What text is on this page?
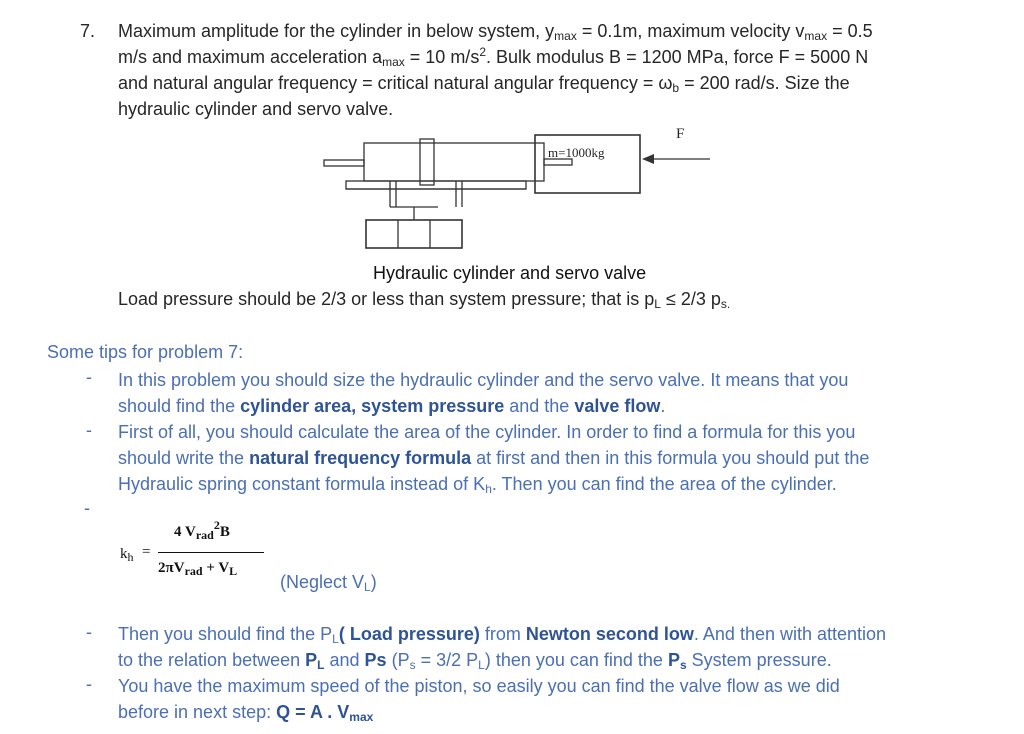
7. Maximum amplitude for the cylinder in below system, $y_{max} = 0.1m$, maximum velocity $v_{max} = 0.5$
m/s and maximum acceleration $a_{max} = 10$ $m/s^2$. Bulk modulus B = 1200 MPa, force F = 5000 N
and natural angular frequency = critical natural angular frequency = $\omega_b = 200$ rad/s. Size the
hydraulic cylinder and servo valve.
m=1000kg
F
Hydraulic cylinder and servo valve
Load pressure should be 2/3 or less than system pressure; that is $p_L \le 2/3$ $p_{s.}$
Some tips for problem 7:
- In this problem you should size the hydraulic cylinder and the servo valve. It means that you
should find the cylinder area, system pressure and the valve flow.
- First of all, you should calculate the area of the cylinder. In order to find a formula for this you
should write the natural frequency formula at first and then in this formula you should put the
Hydraulic spring constant formula instead of $K_h$. Then you can find the area of the cylinder.
-
$k_h$ =
4 $V_{rad}^2B$
$2\pi V_{rad} + V_L$
(Neglect $V_L$)
- Then you should find the $P_L$( Load pressure) from Newton second low. And then with attention
to the relation between $P_L$ and Ps ($P_s = 3/2$ $P_L$) then you can find the $P_s$ System pressure.
- You have the maximum speed of the piston, so easily you can find the valve flow as we did
before in next step: Q = A . $V_{max}$
